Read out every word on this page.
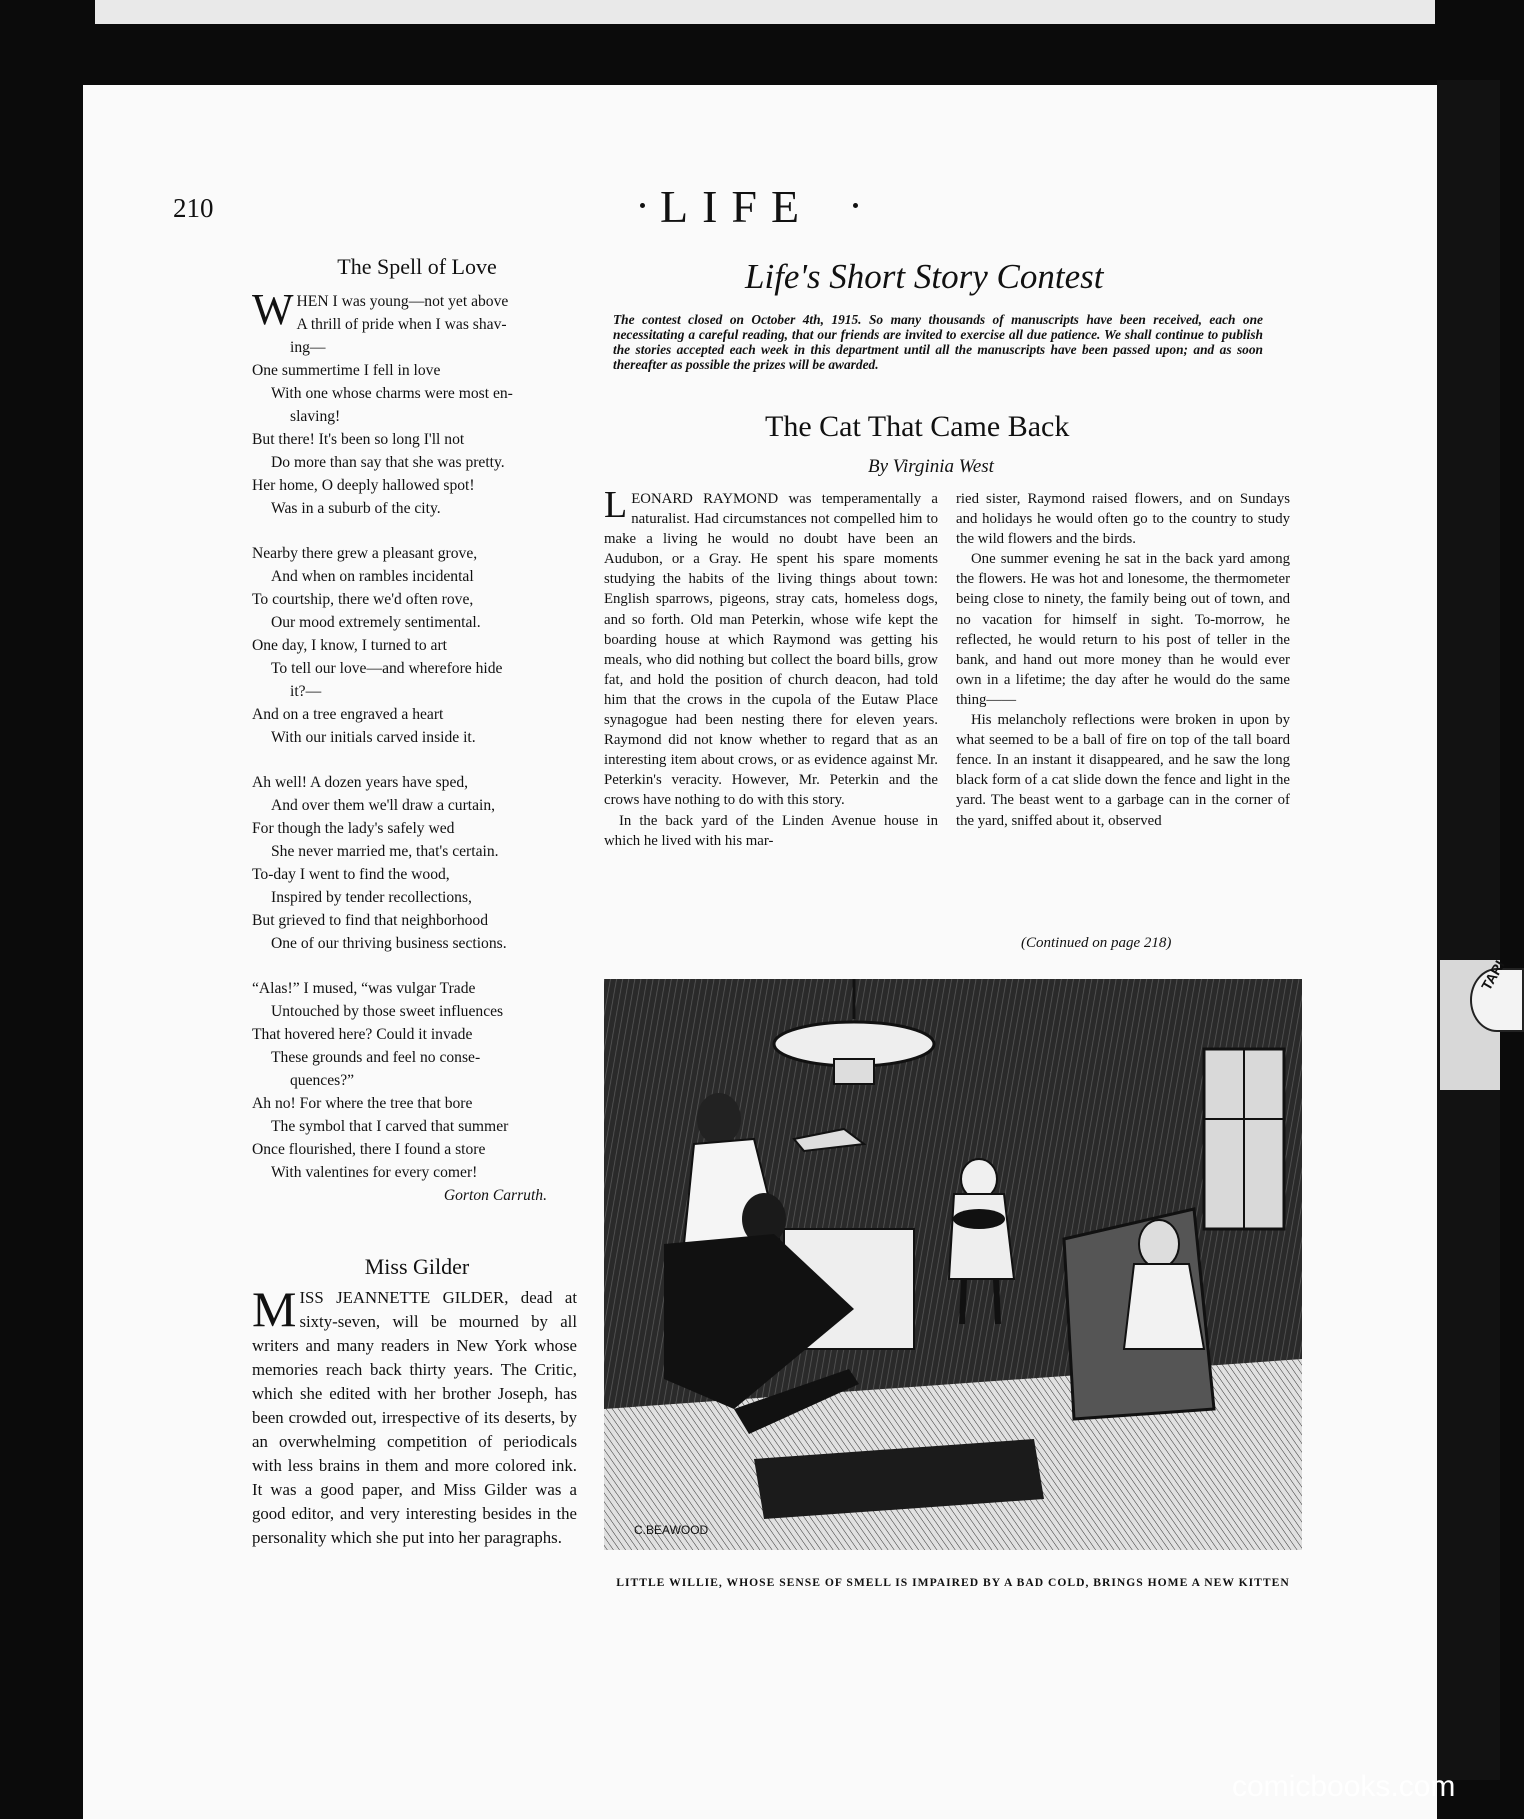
TARI
210	LIFE
The Spell of Love
W HEN I was young—not yet above
A thrill of pride when I was shav-
ing—
One summertime I fell in love
With one whose charms were most en-
slaving!
But there! It's been so long I'll not
Do more than say that she was pretty.
Her home, O deeply hallowed spot!
Was in a suburb of the city.
Nearby there grew a pleasant grove,
And when on rambles incidental
To courtship, there we'd often rove,
Our mood extremely sentimental.
One day, I know, I turned to art
To tell our love—and wherefore hide
it?—
And on a tree engraved a heart
With our initials carved inside it.
Ah well! A dozen years have sped,
And over them we'll draw a curtain,
For though the lady's safely wed
She never married me, that's certain.
To-day I went to find the wood,
Inspired by tender recollections,
But grieved to find that neighborhood
One of our thriving business sections.
“Alas!” I mused, “was vulgar Trade
Untouched by those sweet influences
That hovered here? Could it invade
These grounds and feel no conse-
quences?”
Ah no! For where the tree that bore
The symbol that I carved that summer
Once flourished, there I found a store
With valentines for every comer!
Gorton Carruth.
Miss Gilder
MISS JEANNETTE GILDER, dead at sixty-seven, will be mourned by all writers and many readers in New York whose memories reach back thirty years. The Critic, which she edited with her brother Joseph, has been crowded out, irrespective of its deserts, by an overwhelming competition of periodicals with less brains in them and more colored ink. It was a good paper, and Miss Gilder was a good editor, and very interesting besides in the personality which she put into her paragraphs.
Life's Short Story Contest
The contest closed on October 4th, 1915. So many thousands of manuscripts have been received, each one necessitating a careful reading, that our friends are invited to exercise all due patience. We shall continue to publish the stories accepted each week in this department until all the manuscripts have been passed upon; and as soon thereafter as possible the prizes will be awarded.
The Cat That Came Back
By Virginia West

LEONARD RAYMOND was temperamentally a naturalist. Had circumstances not compelled him to make a living he would no doubt have been an Audubon, or a Gray. He spent his spare moments studying the habits of the living things about town: English sparrows, pigeons, stray cats, homeless dogs, and so forth. Old man Peterkin, whose wife kept the boarding house at which Raymond was getting his meals, who did nothing but collect the board bills, grow fat, and hold the position of church deacon, had told him that the crows in the cupola of the Eutaw Place synagogue had been nesting there for eleven years. Raymond did not know whether to regard that as an interesting item about crows, or as evidence against Mr. Peterkin's veracity. However, Mr. Peterkin and the crows have nothing to do with this story.

In the back yard of the Linden Avenue house in which he lived with his mar-

ried sister, Raymond raised flowers, and on Sundays and holidays he would often go to the country to study the wild flowers and the birds.

One summer evening he sat in the back yard among the flowers. He was hot and lonesome, the thermometer being close to ninety, the family being out of town, and no vacation for himself in sight. To-morrow, he reflected, he would return to his post of teller in the bank, and hand out more money than he would ever own in a lifetime; the day after he would do the same thing——

His melancholy reflections were broken in upon by what seemed to be a ball of fire on top of the tall board fence. In an instant it disappeared, and he saw the long black form of a cat slide down the fence and light in the yard. The beast went to a garbage can in the corner of the yard, sniffed about it, observed

(Continued on page 218)
C.BEAWOOD
LITTLE WILLIE, WHOSE SENSE OF SMELL IS IMPAIRED BY A BAD COLD, BRINGS HOME A NEW KITTEN
comicbooks.com
